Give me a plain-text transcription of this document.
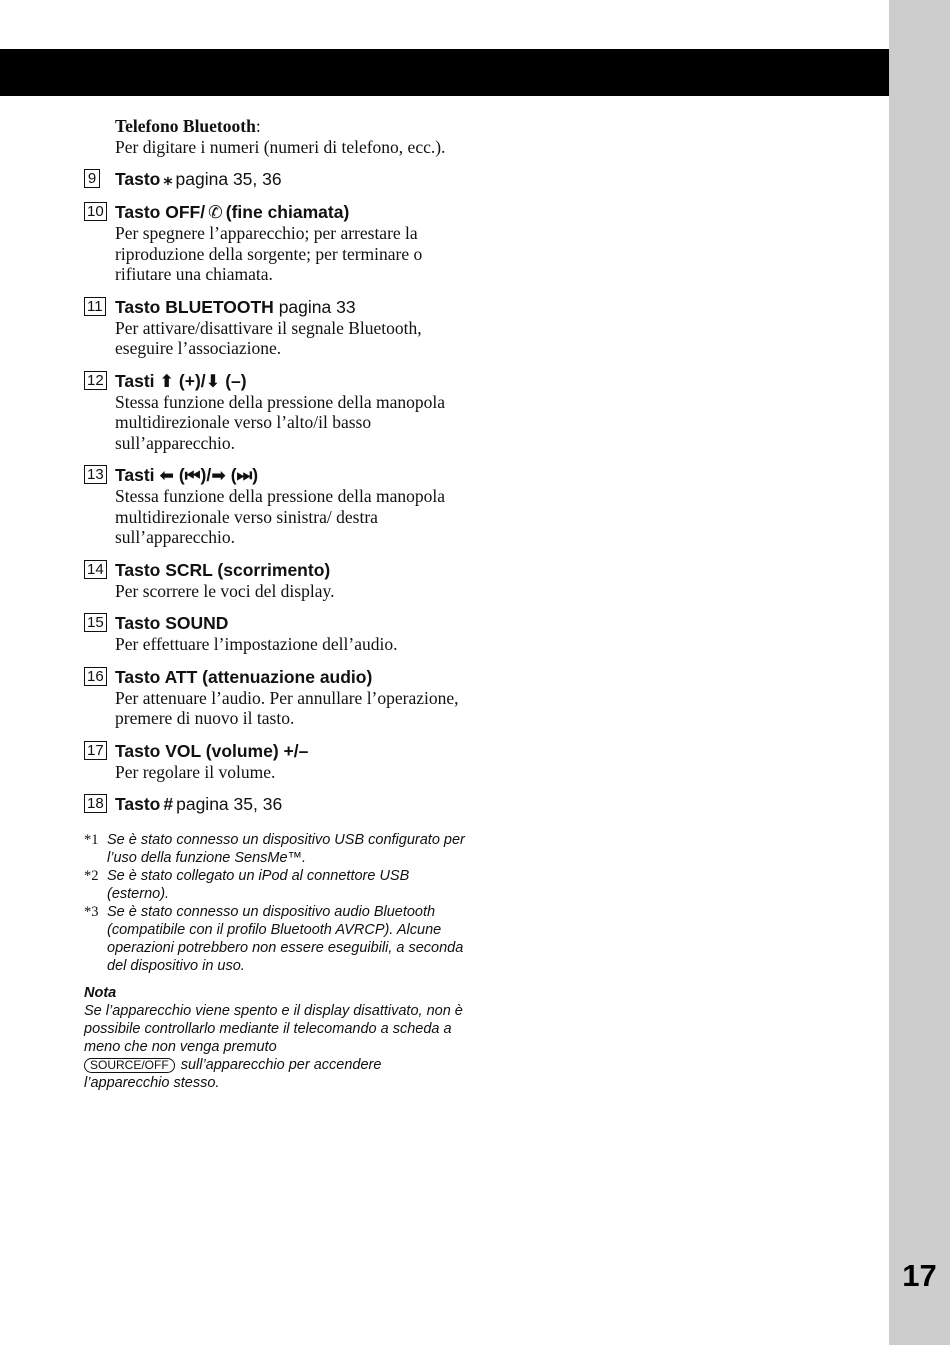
17
Telefono Bluetooth:
Per digitare i numeri (numeri di telefono, ecc.).
9 Tasto ⁎ pagina 35, 36
10 Tasto OFF/ ✆ (fine chiamata)
Per spegnere l’apparecchio; per arrestare la riproduzione della sorgente; per terminare o rifiutare una chiamata.
11 Tasto BLUETOOTH pagina 33
Per attivare/disattivare il segnale Bluetooth, eseguire l’associazione.
12 Tasti ⬆ (+)/⬇ (–)
Stessa funzione della pressione della manopola multidirezionale verso l’alto/il basso sull’apparecchio.
13 Tasti ⬅ (⏮)/➡ (⏭)
Stessa funzione della pressione della manopola multidirezionale verso sinistra/ destra sull’apparecchio.
14 Tasto SCRL (scorrimento)
Per scorrere le voci del display.
15 Tasto SOUND
Per effettuare l’impostazione dell’audio.
16 Tasto ATT (attenuazione audio)
Per attenuare l’audio. Per annullare l’operazione, premere di nuovo il tasto.
17 Tasto VOL (volume) +/–
Per regolare il volume.
18 Tasto # pagina 35, 36
*1 Se è stato connesso un dispositivo USB configurato per l’uso della funzione SensMe™.
*2 Se è stato collegato un iPod al connettore USB (esterno).
*3 Se è stato connesso un dispositivo audio Bluetooth (compatibile con il profilo Bluetooth AVRCP). Alcune operazioni potrebbero non essere eseguibili, a seconda del dispositivo in uso.
Nota
Se l’apparecchio viene spento e il display disattivato, non è possibile controllarlo mediante il telecomando a scheda a meno che non venga premuto
SOURCE/OFF sull’apparecchio per accendere l’apparecchio stesso.
